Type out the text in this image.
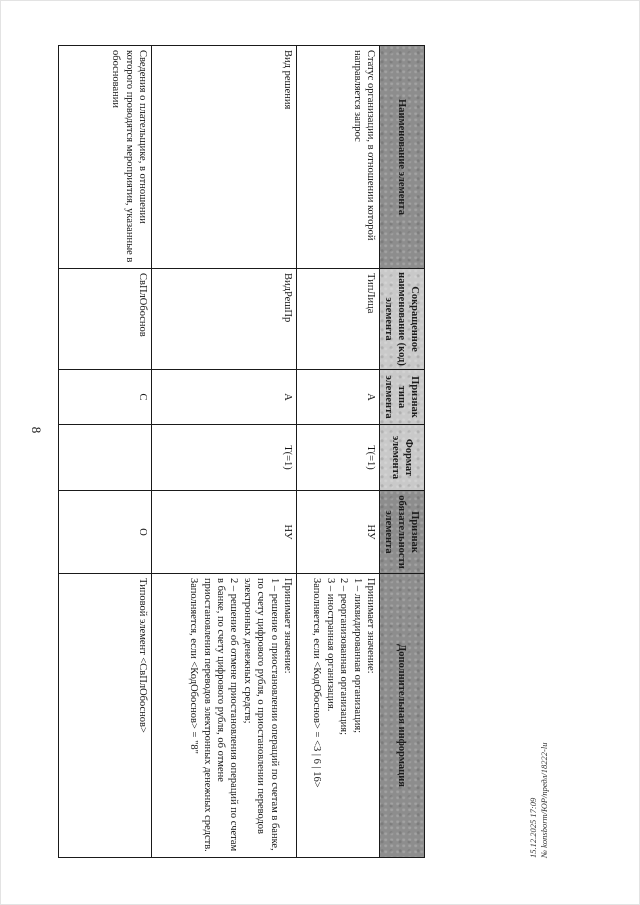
8
Наименование элемента	Сокращенное наименование (код) элемента	Признак типа элемента	Формат элемента	Признак обязательности элемента	Дополнительная информация
Статус организации, в отношении которой направляется запрос	ТипЛица	А	T(=1)	НУ	Принимает значение:
1 – ликвидированная организация;
2 – реорганизованная организация;
3 – иностранная организация.
Заполняется, если <КодОбоснов> = <3 | 6 | 16>

Вид решения	ВидРешПр	А	T(=1)	НУ	Принимает значение:
1 – решение о приостановлении операций по счетам в банке, по счету цифрового рубля, о приостановлении переводов электронных денежных средств;
2 – решение об отмене приостановления операций по счетам в банке, по счету цифрового рубля, об отмене приостановления переводов электронных денежных средств.
Заполняется, если <КодОбоснов> = "8"

Сведения о плательщике, в отношении которого проводятся мероприятия, указанные в обосновании	СвПлОбоснов	С		О	Типовой элемент <СвПлОбоснов>
15.12.2025 17:09 № konsbоrт/ЮР/предл/18222-lu
